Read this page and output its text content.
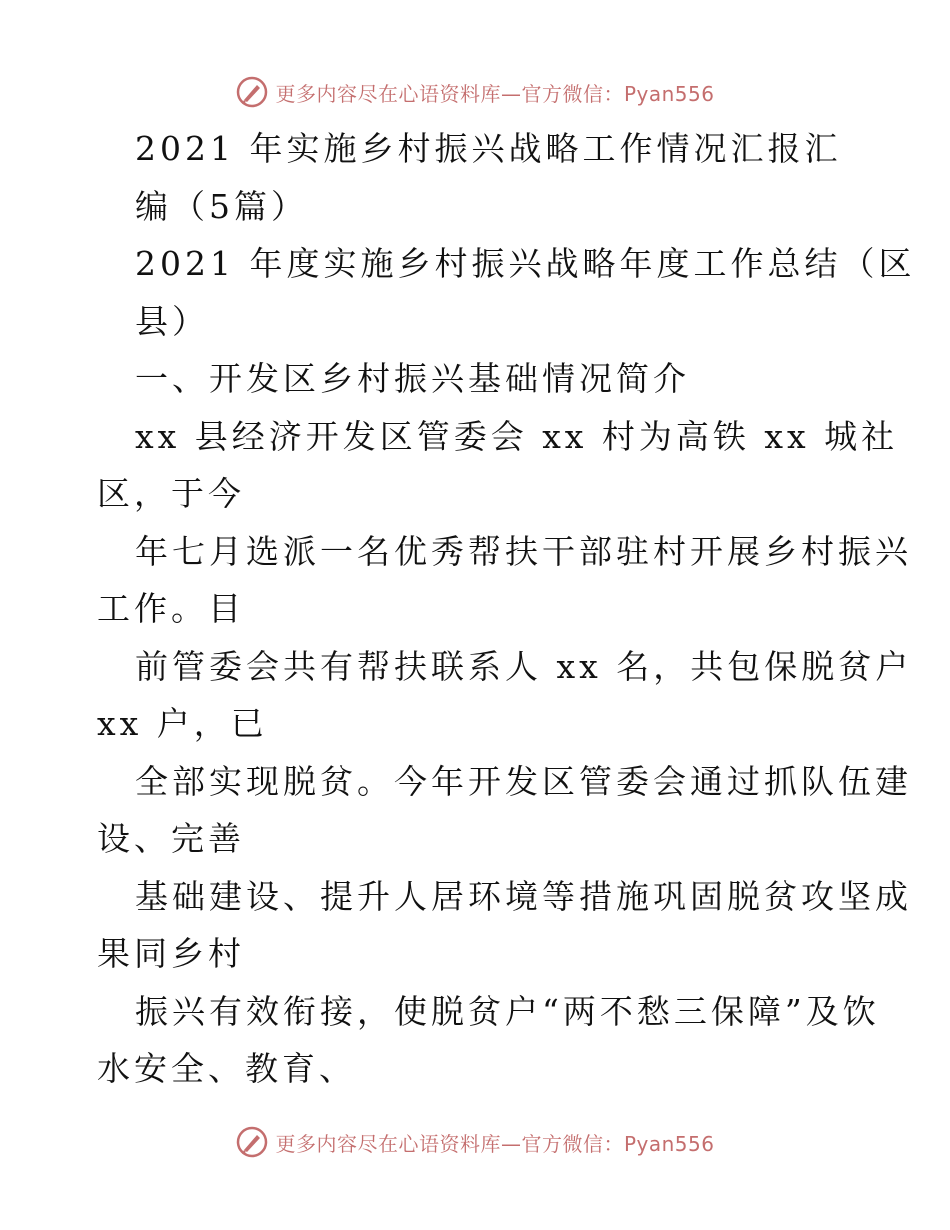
更多内容尽在心语资料库—官方微信：Pyan556
2021 年实施乡村振兴战略工作情况汇报汇
编（5篇）
2021 年度实施乡村振兴战略年度工作总结（区
县）
一、开发区乡村振兴基础情况简介
xx 县经济开发区管委会 xx 村为高铁 xx 城社
区，于今
年七月选派一名优秀帮扶干部驻村开展乡村振兴
工作。目
前管委会共有帮扶联系人 xx 名，共包保脱贫户
xx 户，已
全部实现脱贫。今年开发区管委会通过抓队伍建
设、完善
基础建设、提升人居环境等措施巩固脱贫攻坚成
果同乡村
振兴有效衔接，使脱贫户“两不愁三保障”及饮
水安全、教育、
更多内容尽在心语资料库—官方微信：Pyan556
